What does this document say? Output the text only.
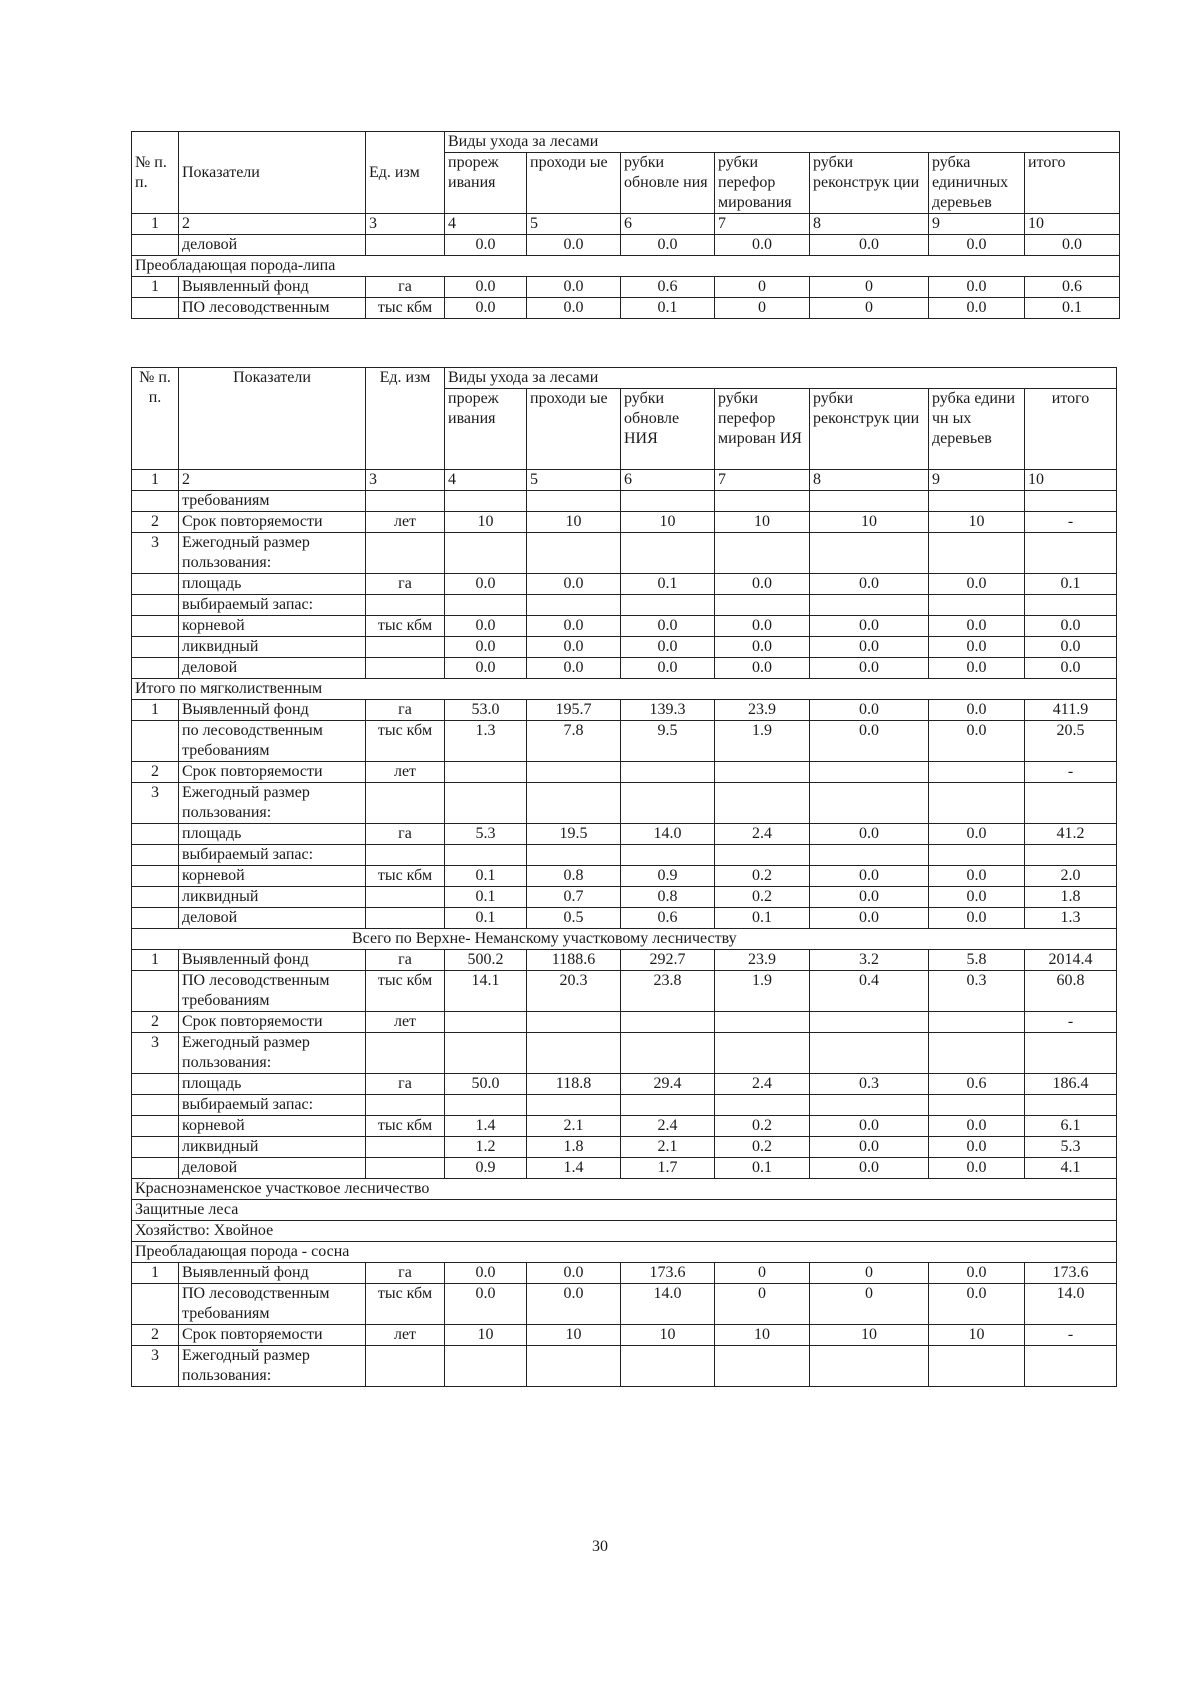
№ п. п.	Показатели	Ед. изм	Виды ухода за лесами						
			прореж ивания	проходи ые	рубки обновле ния	рубки перефор мирования	рубки реконструк ции	рубка единичных деревьев	итого
1	2	3	4	5	6	7	8	9	10
	деловой		0.0	0.0	0.0	0.0	0.0	0.0	0.0
Преобладающая порода-липа									
1	Выявленный фонд	га	0.0	0.0	0.6	0	0	0.0	0.6
	ПО лесоводственным	тыс кбм	0.0	0.0	0.1	0	0	0.0	0.1
№ п. п.	Показатели	Ед. изм	Виды ухода за лесами						
			прореж ивания	проходи ые	рубки обновле НИЯ	рубки перефор мирован ИЯ	рубки реконструк ции	рубка едини чн ых деревьев	итого
1	2	3	4	5	6	7	8	9	10
	требованиям								
2	Срок повторяемости	лет	10	10	10	10	10	10	-
3	Ежегодный размер пользования:								
	площадь	га	0.0	0.0	0.1	0.0	0.0	0.0	0.1
	выбираемый запас:								
	корневой	тыс кбм	0.0	0.0	0.0	0.0	0.0	0.0	0.0
	ликвидный		0.0	0.0	0.0	0.0	0.0	0.0	0.0
	деловой		0.0	0.0	0.0	0.0	0.0	0.0	0.0
Итого по мягколиственным									
1	Выявленный фонд	га	53.0	195.7	139.3	23.9	0.0	0.0	411.9
	по лесоводственным требованиям	тыс кбм	1.3	7.8	9.5	1.9	0.0	0.0	20.5
2	Срок повторяемости	лет							-
3	Ежегодный размер пользования:								
	площадь	га	5.3	19.5	14.0	2.4	0.0	0.0	41.2
	выбираемый запас:								
	корневой	тыс кбм	0.1	0.8	0.9	0.2	0.0	0.0	2.0
	ликвидный		0.1	0.7	0.8	0.2	0.0	0.0	1.8
	деловой		0.1	0.5	0.6	0.1	0.0	0.0	1.3
Всего по Верхне- Неманскому участковому лесничеству									
1	Выявленный фонд	га	500.2	1188.6	292.7	23.9	3.2	5.8	2014.4
	ПО лесоводственным требованиям	тыс кбм	14.1	20.3	23.8	1.9	0.4	0.3	60.8
2	Срок повторяемости	лет							-
3	Ежегодный размер пользования:								
	площадь	га	50.0	118.8	29.4	2.4	0.3	0.6	186.4
	выбираемый запас:								
	корневой	тыс кбм	1.4	2.1	2.4	0.2	0.0	0.0	6.1
	ликвидный		1.2	1.8	2.1	0.2	0.0	0.0	5.3
	деловой		0.9	1.4	1.7	0.1	0.0	0.0	4.1
Краснознаменское участковое лесничество									
Защитные леса									
Хозяйство: Хвойное									
Преобладающая порода - сосна									
1	Выявленный фонд	га	0.0	0.0	173.6	0	0	0.0	173.6
	ПО лесоводственным требованиям	тыс кбм	0.0	0.0	14.0	0	0	0.0	14.0
2	Срок повторяемости	лет	10	10	10	10	10	10	-
3	Ежегодный размер пользования:								
30
